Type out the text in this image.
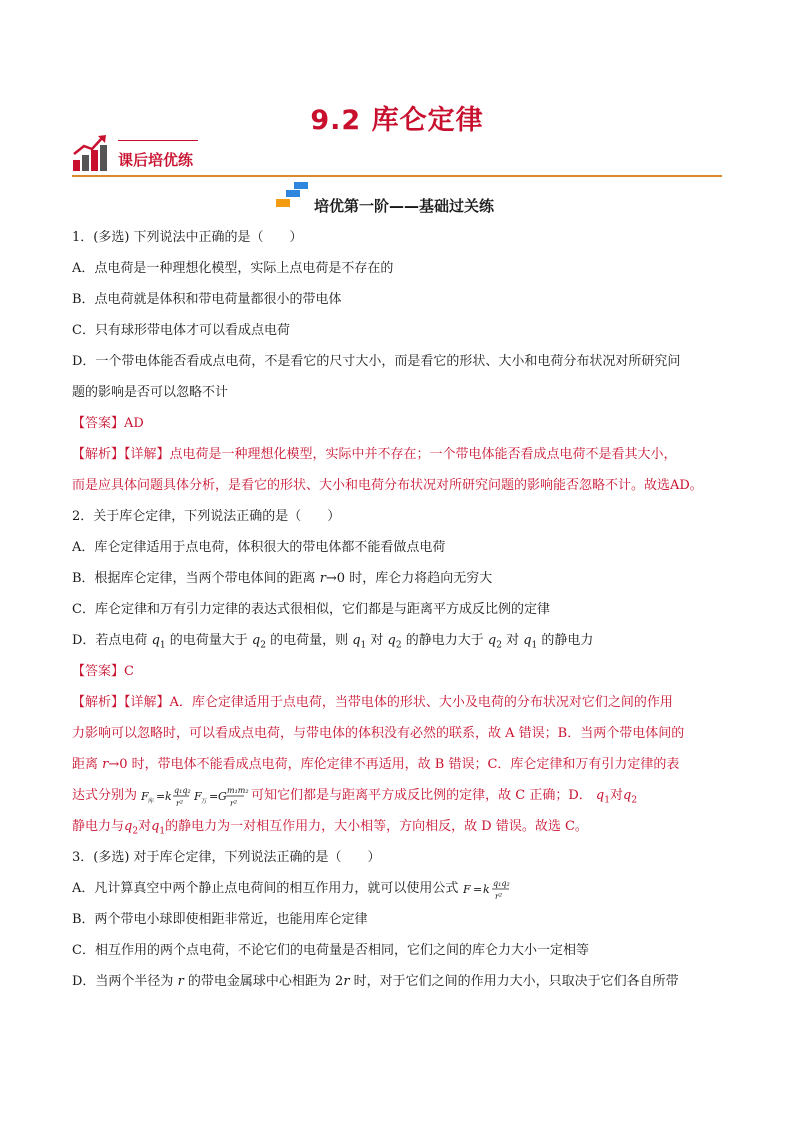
9.2 库仑定律
课后培优练
培优第一阶——基础过关练
1．(多选) 下列说法中正确的是（　　）
A．点电荷是一种理想化模型，实际上点电荷是不存在的
B．点电荷就是体积和带电荷量都很小的带电体
C．只有球形带电体才可以看成点电荷
D．一个带电体能否看成点电荷，不是看它的尺寸大小，而是看它的形状、大小和电荷分布状况对所研究问
题的影响是否可以忽略不计
【答案】AD
【解析】【详解】点电荷是一种理想化模型，实际中并不存在；一个带电体能否看成点电荷不是看其大小，
而是应具体问题具体分析，是看它的形状、大小和电荷分布状况对所研究问题的影响能否忽略不计。故选AD。
2．关于库仑定律，下列说法正确的是（　　）
A．库仑定律适用于点电荷，体积很大的带电体都不能看做点电荷
B．根据库仑定律，当两个带电体间的距离 r→0 时，库仑力将趋向无穷大
C．库仑定律和万有引力定律的表达式很相似，它们都是与距离平方成反比例的定律
D．若点电荷 $q_1$ 的电荷量大于 $q_2$ 的电荷量，则 $q_1$ 对 $q_2$ 的静电力大于 $q_2$ 对 $q_1$ 的静电力
【答案】C
【解析】【详解】A．库仑定律适用于点电荷，当带电体的形状、大小及电荷的分布状况对它们之间的作用
力影响可以忽略时，可以看成点电荷，与带电体的体积没有必然的联系，故 A 错误；B．当两个带电体间的
距离 r→0 时，带电体不能看成点电荷，库伦定律不再适用，故 B 错误；C．库仑定律和万有引力定律的表
达式分别为 F 库 = k q₁q₂
r²
F 万 = G m₁m₂
r² 可知它们都是与距离平方成反比例的定律，故 C 正确；D． $q_1$对$q_2$
静电力与$q_2$对$q_1$的静电力为一对相互作用力，大小相等，方向相反，故 D 错误。故选 C。
3．(多选) 对于库仑定律，下列说法正确的是（　　）
A．凡计算真空中两个静止点电荷间的相互作用力，就可以使用公式 F = k q₁q₂
r²
B．两个带电小球即使相距非常近，也能用库仑定律
C．相互作用的两个点电荷，不论它们的电荷量是否相同，它们之间的库仑力大小一定相等
D．当两个半径为 r 的带电金属球中心相距为 2r 时，对于它们之间的作用力大小，只取决于它们各自所带
